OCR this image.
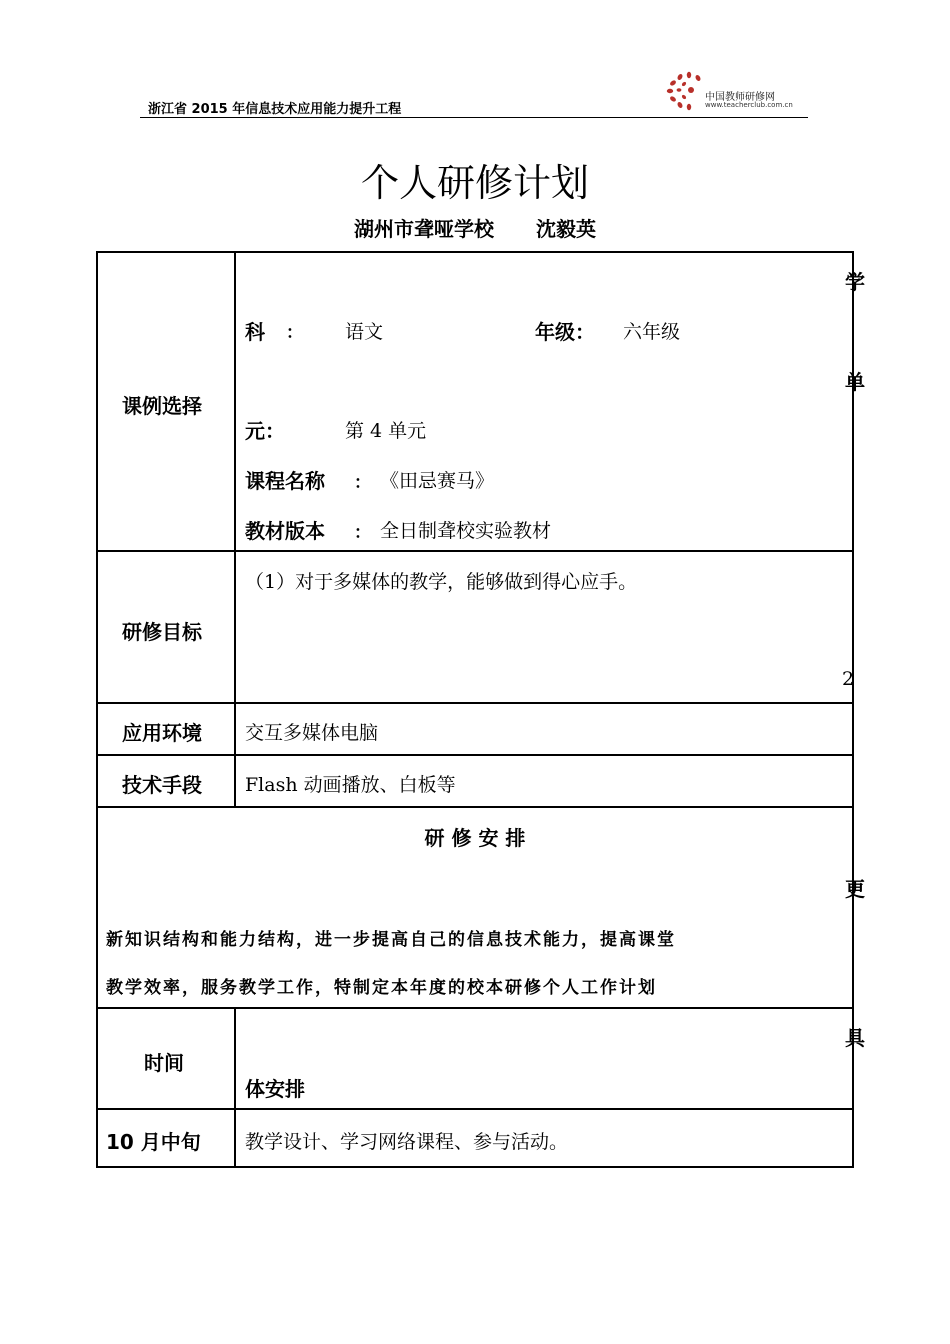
浙江省 2015 年信息技术应用能力提升工程
中国教师研修网
www.teacherclub.com.cn
个人研修计划
湖州市聋哑学校 沈毅英
课例选择
科 ： 语文	年级： 六年级
元：	第 4 单元
课程名称 ： 《田忌赛马》
教材版本 ： 全日制聋校实验教材
研修目标
（1）对于多媒体的教学，能够做到得心应手。
应用环境 交互多媒体电脑
技术手段 Flash 动画播放、白板等
研 修 安 排
新知识结构和能力结构，进一步提高自己的信息技术能力，提高课堂
教学效率，服务教学工作，特制定本年度的校本研修个人工作计划
时间
体安排
10 月中旬 教学设计、学习网络课程、参与活动。
学
单
2
更
具
